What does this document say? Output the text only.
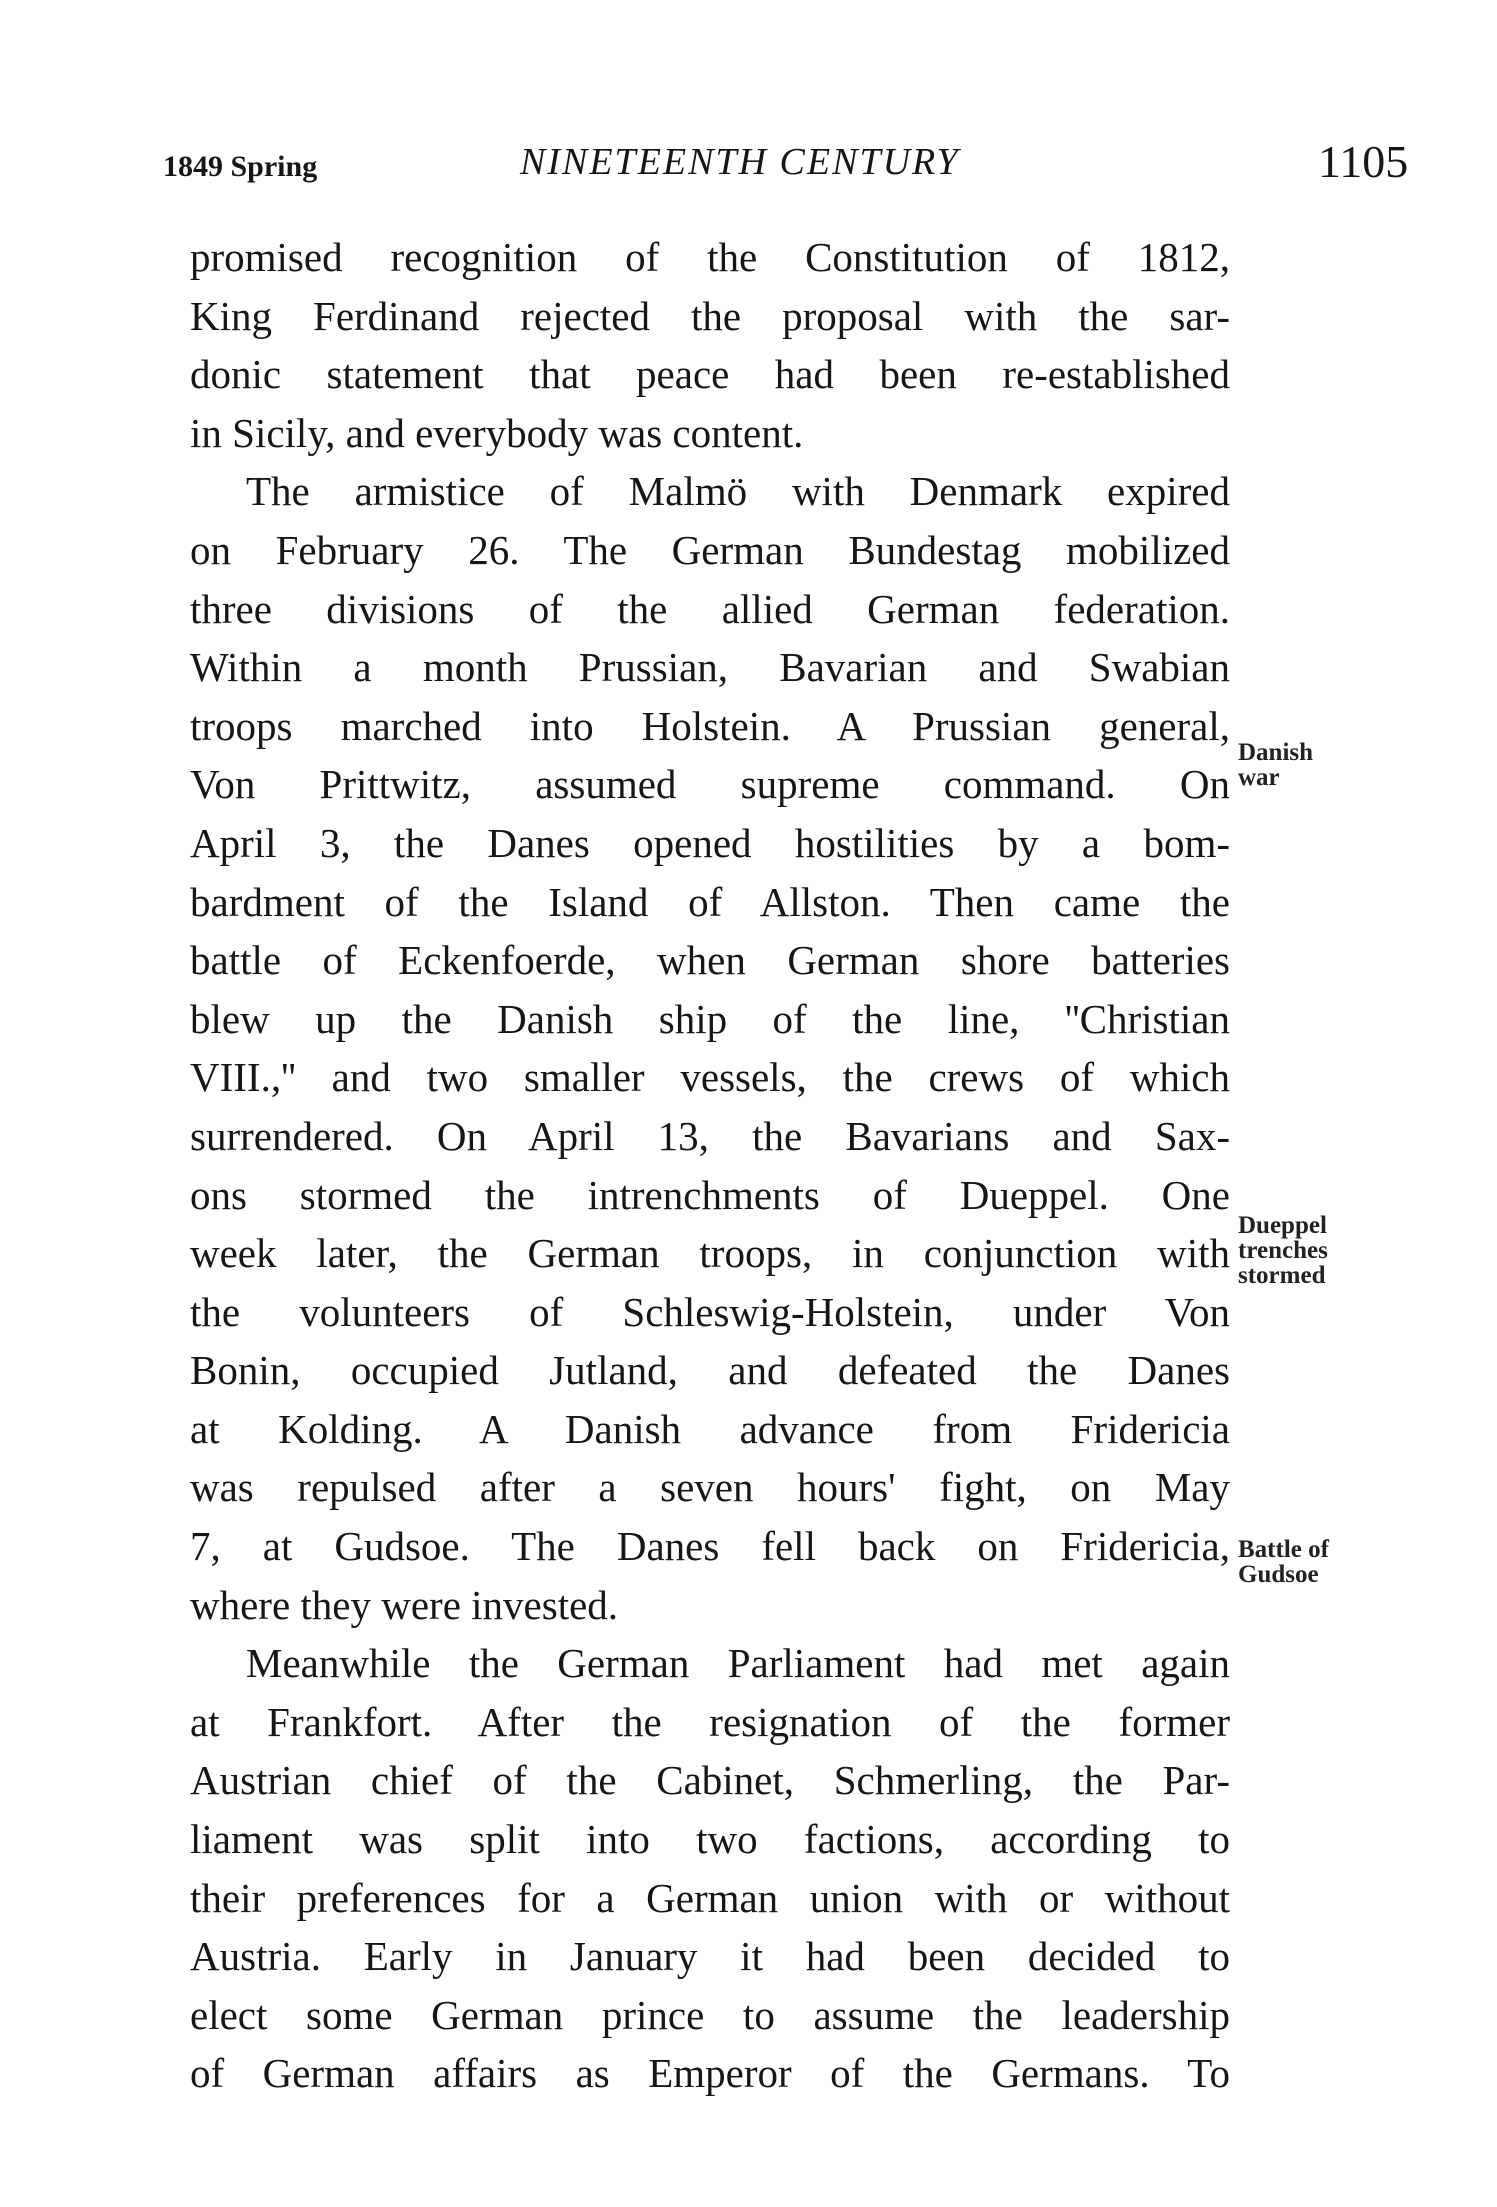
1849 Spring	NINETEENTH CENTURY	1105
promised recognition of the Constitution of 1812,
King Ferdinand rejected the proposal with the sar-
donic statement that peace had been re-established
in Sicily, and everybody was content.
The armistice of Malmö with Denmark expired
on February 26. The German Bundestag mobilized
three divisions of the allied German federation.
Within a month Prussian, Bavarian and Swabian
troops marched into Holstein. A Prussian general,
Von Prittwitz, assumed supreme command. On
April 3, the Danes opened hostilities by a bom-
bardment of the Island of Allston. Then came the
battle of Eckenfoerde, when German shore batteries
blew up the Danish ship of the line, ''Christian
VIII.,'' and two smaller vessels, the crews of which
surrendered. On April 13, the Bavarians and Sax-
ons stormed the intrenchments of Dueppel. One
week later, the German troops, in conjunction with
the volunteers of Schleswig-Holstein, under Von
Bonin, occupied Jutland, and defeated the Danes
at Kolding. A Danish advance from Fridericia
was repulsed after a seven hours' fight, on May
7, at Gudsoe. The Danes fell back on Fridericia,
where they were invested.
Meanwhile the German Parliament had met again
at Frankfort. After the resignation of the former
Austrian chief of the Cabinet, Schmerling, the Par-
liament was split into two factions, according to
their preferences for a German union with or without
Austria. Early in January it had been decided to
elect some German prince to assume the leadership
of German affairs as Emperor of the Germans. To
Danish
war
Dueppel
trenches
stormed
Battle of
Gudsoe
